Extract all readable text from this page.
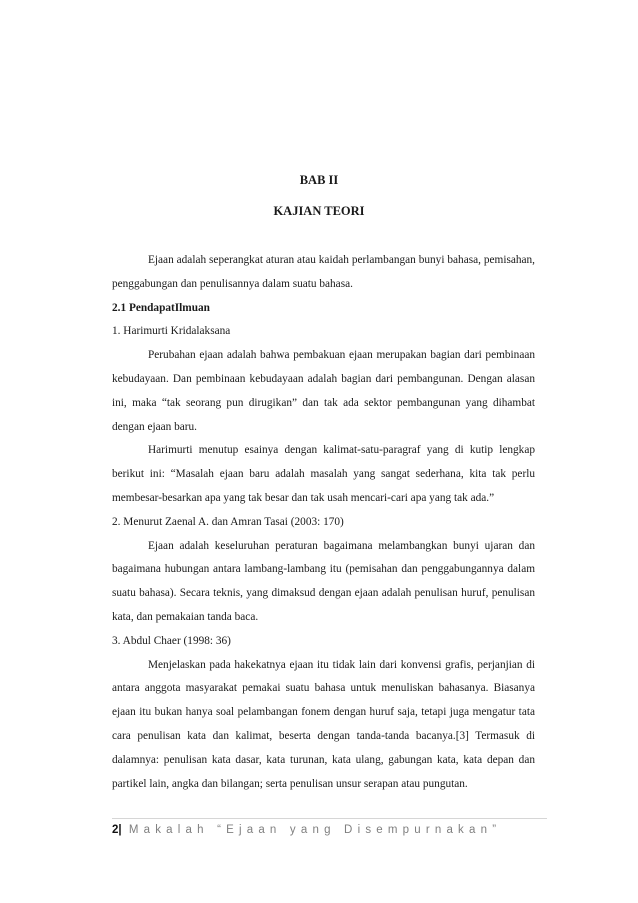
BAB II
KAJIAN TEORI

Ejaan adalah seperangkat aturan atau kaidah perlambangan bunyi bahasa, pemisahan, penggabungan dan penulisannya dalam suatu bahasa.

2.1 PendapatIlmuan

1. Harimurti Kridalaksana

Perubahan ejaan adalah bahwa pembakuan ejaan merupakan bagian dari pembinaan kebudayaan. Dan pembinaan kebudayaan adalah bagian dari pembangunan. Dengan alasan ini, maka “tak seorang pun dirugikan” dan tak ada sektor pembangunan yang dihambat dengan ejaan baru.

Harimurti menutup esainya dengan kalimat-satu-paragraf yang di kutip lengkap berikut ini: “Masalah ejaan baru adalah masalah yang sangat sederhana, kita tak perlu membesar-besarkan apa yang tak besar dan tak usah mencari-cari apa yang tak ada.”

2. Menurut Zaenal A. dan Amran Tasai (2003: 170)

Ejaan adalah keseluruhan peraturan bagaimana melambangkan bunyi ujaran dan bagaimana hubungan antara lambang-lambang itu (pemisahan dan penggabungannya dalam suatu bahasa). Secara teknis, yang dimaksud dengan ejaan adalah penulisan huruf, penulisan kata, dan pemakaian tanda baca.

3. Abdul Chaer (1998: 36)

Menjelaskan pada hakekatnya ejaan itu tidak lain dari konvensi grafis, perjanjian di antara anggota masyarakat pemakai suatu bahasa untuk menuliskan bahasanya. Biasanya ejaan itu bukan hanya soal pelambangan fonem dengan huruf saja, tetapi juga mengatur tata cara penulisan kata dan kalimat, beserta dengan tanda-tanda bacanya.[3] Termasuk di dalamnya: penulisan kata dasar, kata turunan, kata ulang, gabungan kata, kata depan dan partikel lain, angka dan bilangan; serta penulisan unsur serapan atau pungutan.

2| Makalah “Ejaan yang Disempurnakan”
